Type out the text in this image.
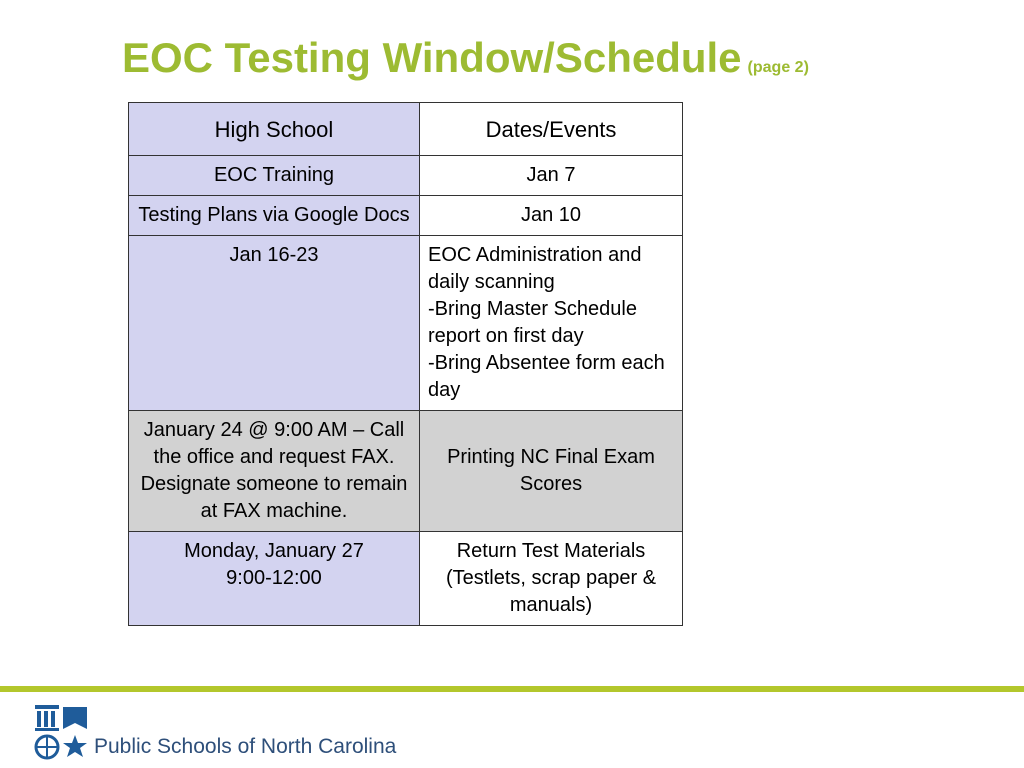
EOC Testing Window/Schedule (page 2)
High School	Dates/Events
EOC Training	Jan 7
Testing Plans via Google Docs	Jan 10
Jan 16-23	EOC Administration and daily scanning
-Bring Master Schedule report on first day
-Bring Absentee form each day

January 24 @ 9:00 AM – Call the office and request FAX. Designate someone to remain at FAX machine.	Printing NC Final Exam Scores

Monday, January 27
9:00-12:00	Return Test Materials (Testlets, scrap paper & manuals)
Public Schools of North Carolina
